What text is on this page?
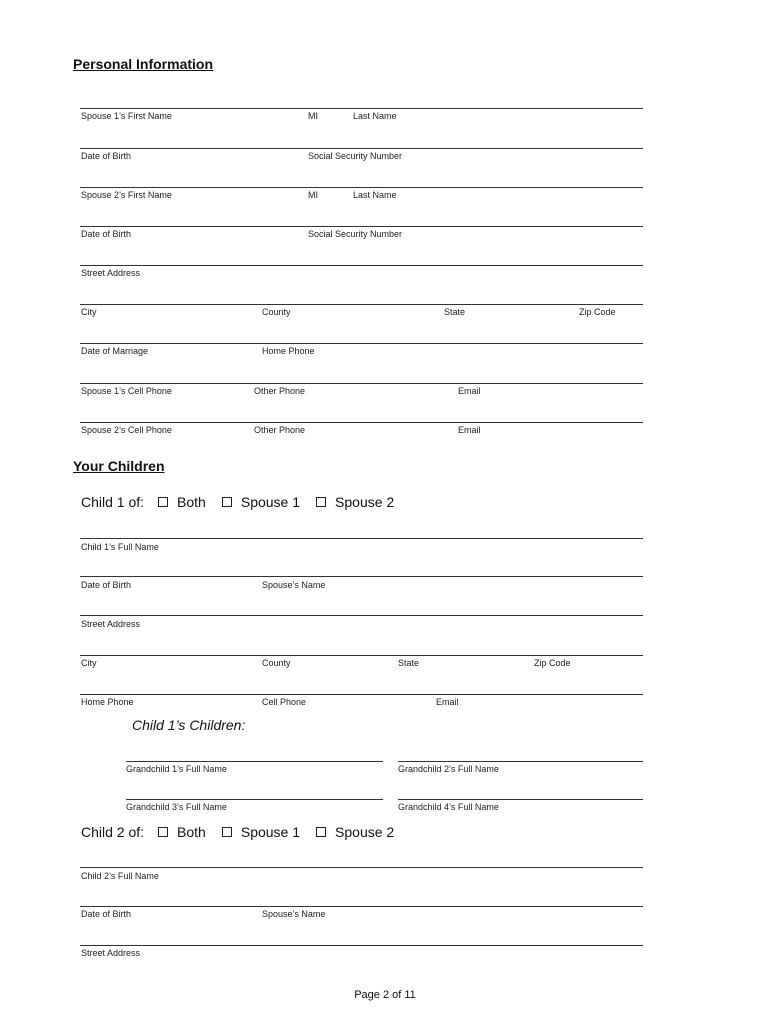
Personal Information
Spouse 1’s First Name	MI	Last Name
Date of Birth	Social Security Number
Spouse 2’s First Name	MI	Last Name
Date of Birth	Social Security Number
Street Address
City	County	State	Zip Code
Date of Marriage	Home Phone
Spouse 1’s Cell Phone	Other Phone	Email
Spouse 2’s Cell Phone	Other Phone	Email
Your Children
Child 1 of: Both	Spouse 1	Spouse 2
Child 1’s Full Name
Date of Birth	Spouse’s Name
Street Address
City	County	State	Zip Code
Home Phone	Cell Phone	Email
Child 1’s Children:
Grandchild 1’s Full Name	Grandchild 2’s Full Name
Grandchild 3’s Full Name	Grandchild 4’s Full Name
Child 2 of: Both	Spouse 1	Spouse 2
Child 2’s Full Name
Date of Birth	Spouse’s Name
Street Address
Page 2 of 11
